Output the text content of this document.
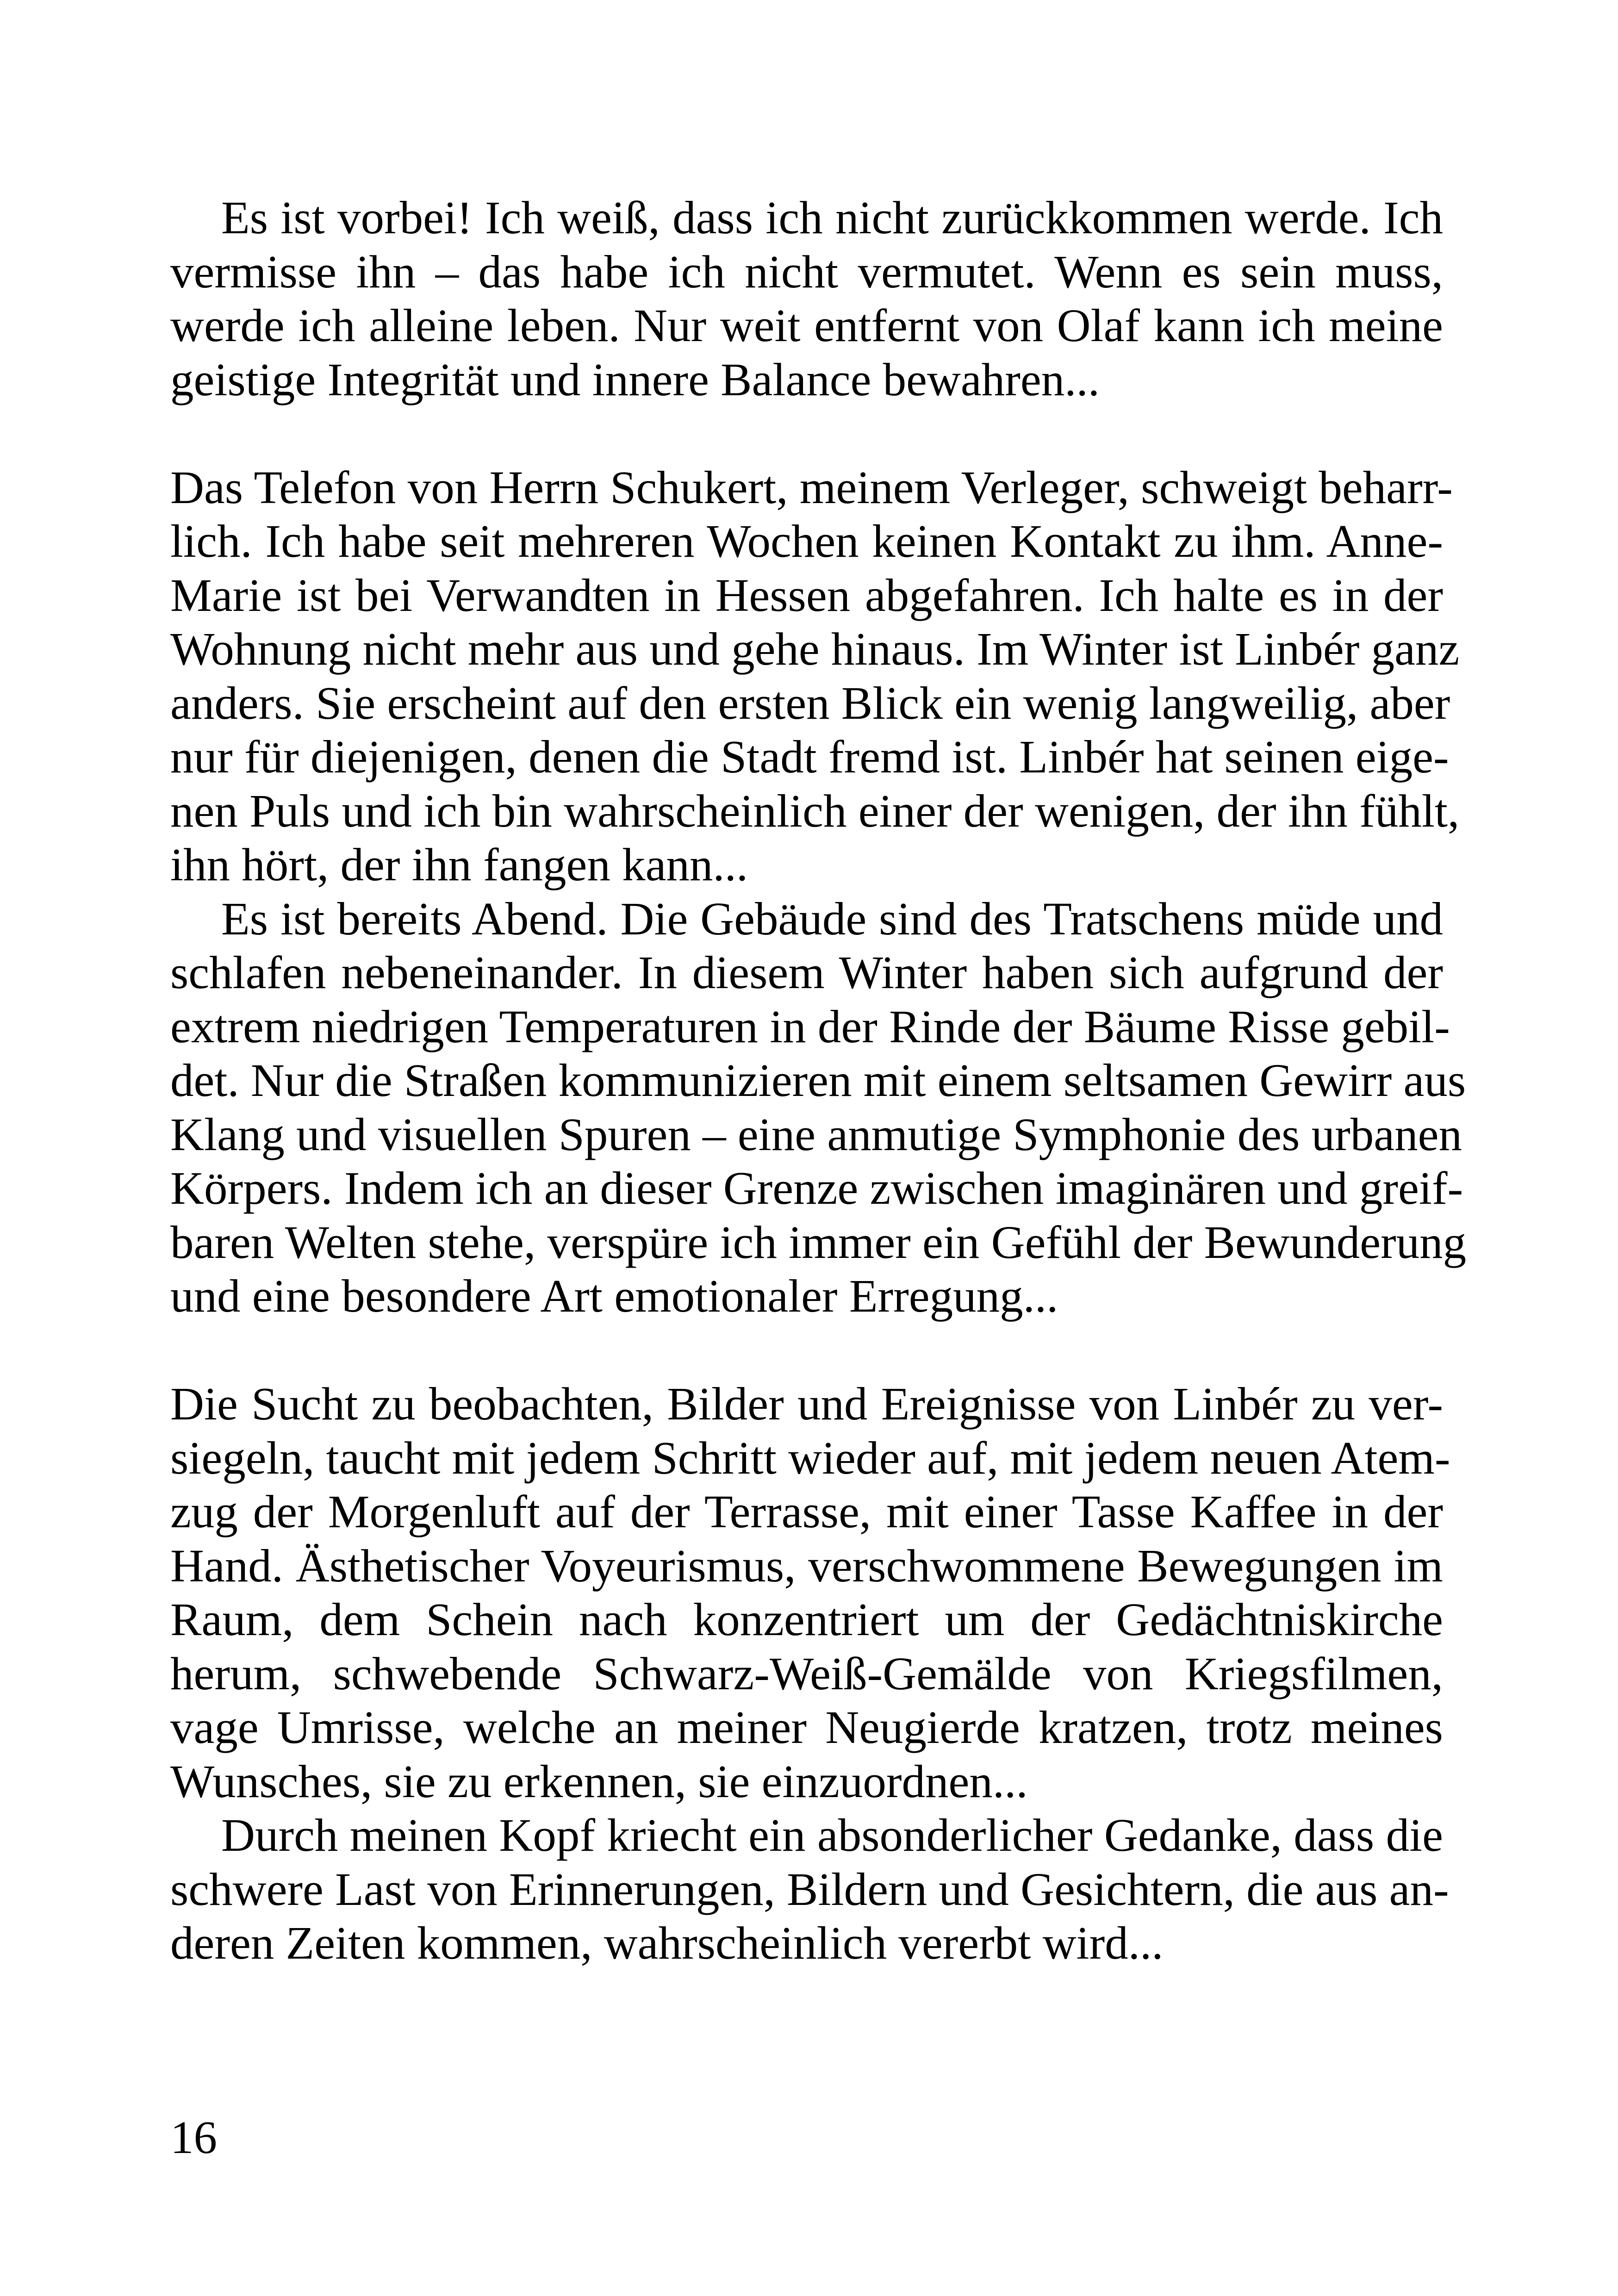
Es ist vorbei! Ich weiß, dass ich nicht zurückkommen werde. Ich
vermisse ihn – das habe ich nicht vermutet. Wenn es sein muss,
werde ich alleine leben. Nur weit entfernt von Olaf kann ich meine
geistige Integrität und innere Balance bewahren...
Das Telefon von Herrn Schukert, meinem Verleger, schweigt beharr-
lich. Ich habe seit mehreren Wochen keinen Kontakt zu ihm. Anne-
Marie ist bei Verwandten in Hessen abgefahren. Ich halte es in der
Wohnung nicht mehr aus und gehe hinaus. Im Winter ist Linbér ganz
anders. Sie erscheint auf den ersten Blick ein wenig langweilig, aber
nur für diejenigen, denen die Stadt fremd ist. Linbér hat seinen eige-
nen Puls und ich bin wahrscheinlich einer der wenigen, der ihn fühlt,
ihn hört, der ihn fangen kann...
Es ist bereits Abend. Die Gebäude sind des Tratschens müde und
schlafen nebeneinander. In diesem Winter haben sich aufgrund der
extrem niedrigen Temperaturen in der Rinde der Bäume Risse gebil-
det. Nur die Straßen kommunizieren mit einem seltsamen Gewirr aus
Klang und visuellen Spuren – eine anmutige Symphonie des urbanen
Körpers. Indem ich an dieser Grenze zwischen imaginären und greif-
baren Welten stehe, verspüre ich immer ein Gefühl der Bewunderung
und eine besondere Art emotionaler Erregung...
Die Sucht zu beobachten, Bilder und Ereignisse von Linbér zu ver-
siegeln, taucht mit jedem Schritt wieder auf, mit jedem neuen Atem-
zug der Morgenluft auf der Terrasse, mit einer Tasse Kaffee in der
Hand. Ästhetischer Voyeurismus, verschwommene Bewegungen im
Raum, dem Schein nach konzentriert um der Gedächtniskirche
herum, schwebende Schwarz-Weiß-Gemälde von Kriegsfilmen,
vage Umrisse, welche an meiner Neugierde kratzen, trotz meines
Wunsches, sie zu erkennen, sie einzuordnen...
Durch meinen Kopf kriecht ein absonderlicher Gedanke, dass die
schwere Last von Erinnerungen, Bildern und Gesichtern, die aus an-
deren Zeiten kommen, wahrscheinlich vererbt wird...
16
